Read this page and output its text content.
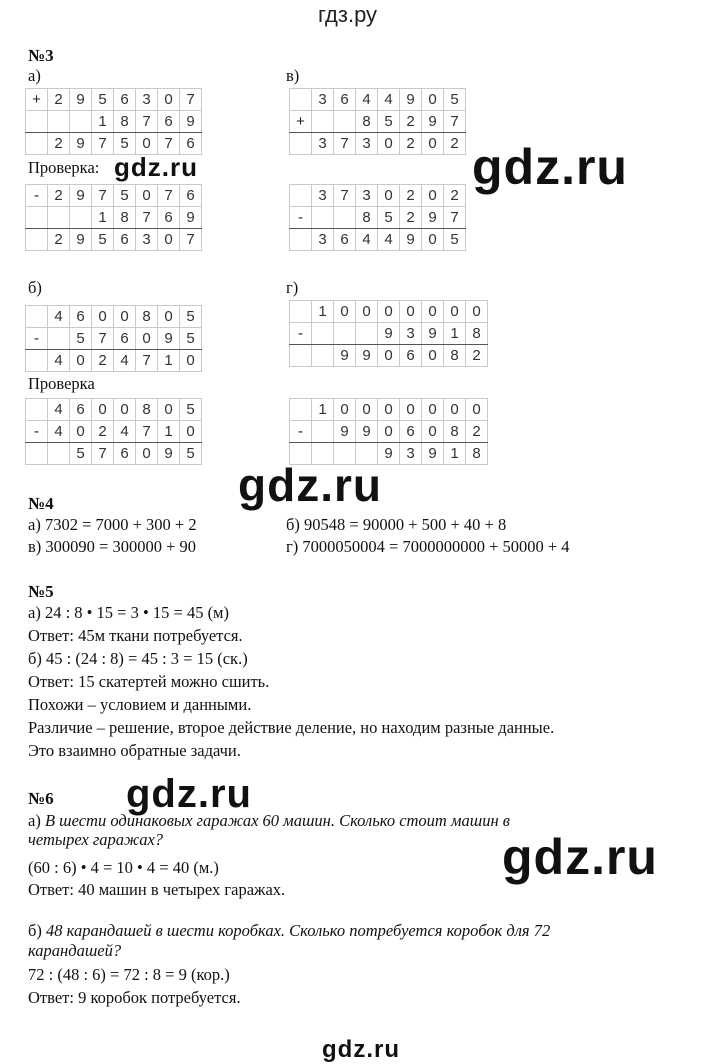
гдз.ру
№3
а)	в)
+	2	9	5	6	3	0	7
			1	8	7	6	9
	2	9	7	5	0	7	6
	3	6	4	4	9	0	5
+			8	5	2	9	7
	3	7	3	0	2	0	2
Проверка: gdz.ru	gdz.ru
-	2	9	7	5	0	7	6
			1	8	7	6	9
	2	9	5	6	3	0	7
	3	7	3	0	2	0	2
-			8	5	2	9	7
	3	6	4	4	9	0	5
б)	г)
	4	6	0	0	8	0	5
-		5	7	6	0	9	5
	4	0	2	4	7	1	0
	1	0	0	0	0	0	0	0
-				9	3	9	1	8
		9	9	0	6	0	8	2
Проверка
	4	6	0	0	8	0	5
-	4	0	2	4	7	1	0
		5	7	6	0	9	5
	1	0	0	0	0	0	0	0
-		9	9	0	6	0	8	2
				9	3	9	1	8
gdz.ru
№4
а) 7302 = 7000 + 300 + 2	б) 90548 = 90000 + 500 + 40 + 8
в) 300090 = 300000 + 90	г) 7000050004 = 7000000000 + 50000 + 4
№5
а) 24 : 8 • 15 = 3 • 15 = 45 (м)
Ответ: 45м ткани потребуется.
б) 45 : (24 : 8) = 45 : 3 = 15 (ск.)
Ответ: 15 скатертей можно сшить.
Похожи – условием и данными.
Различие – решение, второе действие деление, но находим разные данные.
Это взаимно обратные задачи.
№6 gdz.ru
а) В шести одинаковых гаражах 60 машин. Сколько стоит машин в
четырех гаражах?	gdz.ru
(60 : 6) • 4 = 10 • 4 = 40 (м.)
Ответ: 40 машин в четырех гаражах.
б) 48 карандашей в шести коробках. Сколько потребуется коробок для 72
карандашей?
72 : (48 : 6) = 72 : 8 = 9 (кор.)
Ответ: 9 коробок потребуется.
gdz.ru
